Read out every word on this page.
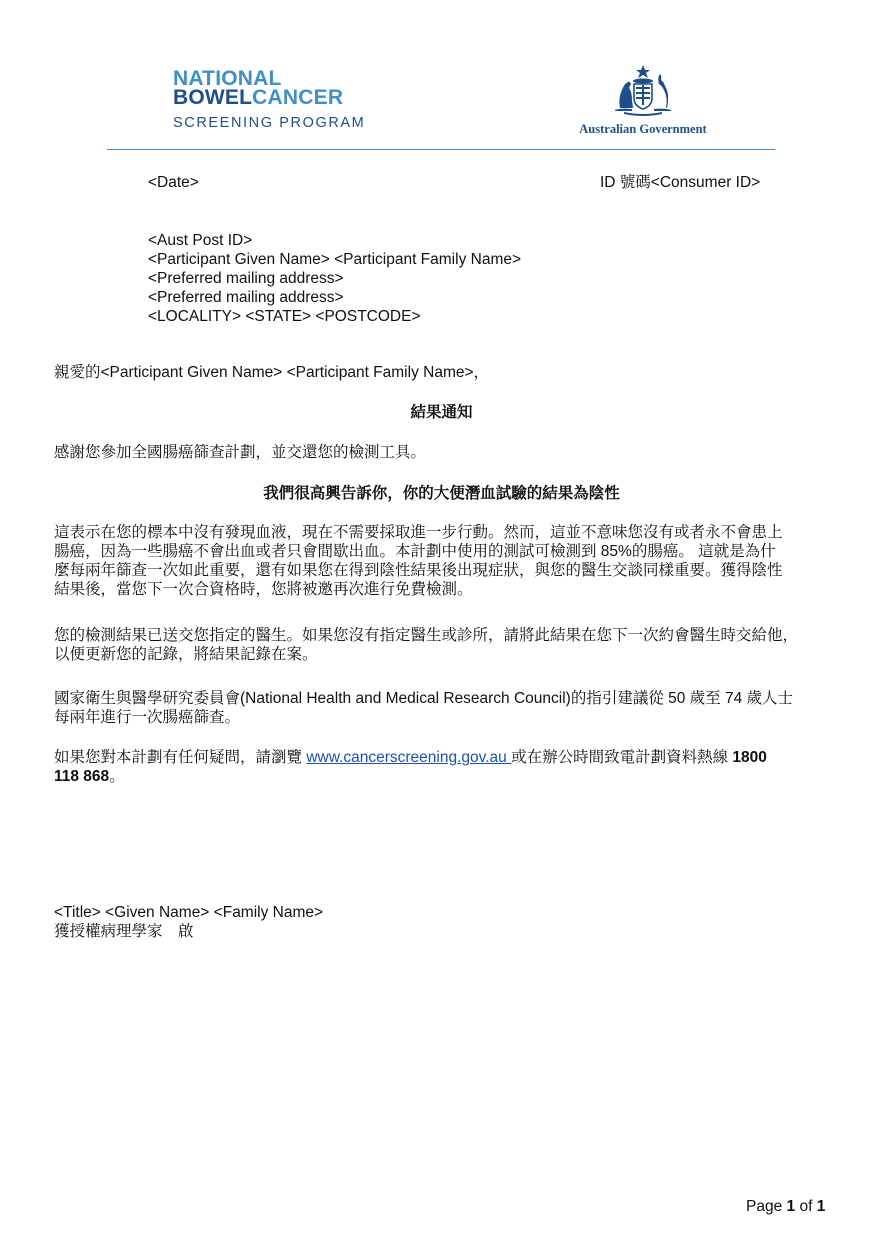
NATIONAL
BOWELCANCER
SCREENING PROGRAM	Australian Government
<Date>	ID 號碼<Consumer ID>

<Aust Post ID>

<Participant Given Name> <Participant Family Name>

<Preferred mailing address>

<Preferred mailing address>

<LOCALITY> <STATE> <POSTCODE>

親愛的<Participant Given Name> <Participant Family Name>，
結果通知
感謝您參加全國腸癌篩查計劃，並交還您的檢測工具。
我們很高興告訴你，你的大便潛血試驗的結果為陰性

這表示在您的標本中沒有發現血液，現在不需要採取進一步行動。然而，這並不意味您沒有或者永不會患上

腸癌，因為一些腸癌不會出血或者只會間歇出血。本計劃中使用的測試可檢測到 85%的腸癌。 這就是為什

麼每兩年篩查一次如此重要，還有如果您在得到陰性結果後出現症狀，與您的醫生交談同樣重要。獲得陰性

結果後，當您下一次合資格時，您將被邀再次進行免費檢測。

您的檢測結果已送交您指定的醫生。如果您沒有指定醫生或診所，請將此結果在您下一次約會醫生時交給他，

以便更新您的記錄，將結果記錄在案。

國家衛生與醫學研究委員會(National Health and Medical Research Council)的指引建議從 50 歲至 74 歲人士

每兩年進行一次腸癌篩查。

如果您對本計劃有任何疑問，請瀏覽 www.cancerscreening.gov.au 或在辦公時間致電計劃資料熱線 1800

118 868。

<Title> <Given Name> <Family Name>

獲授權病理學家　啟

Page 1 of 1
